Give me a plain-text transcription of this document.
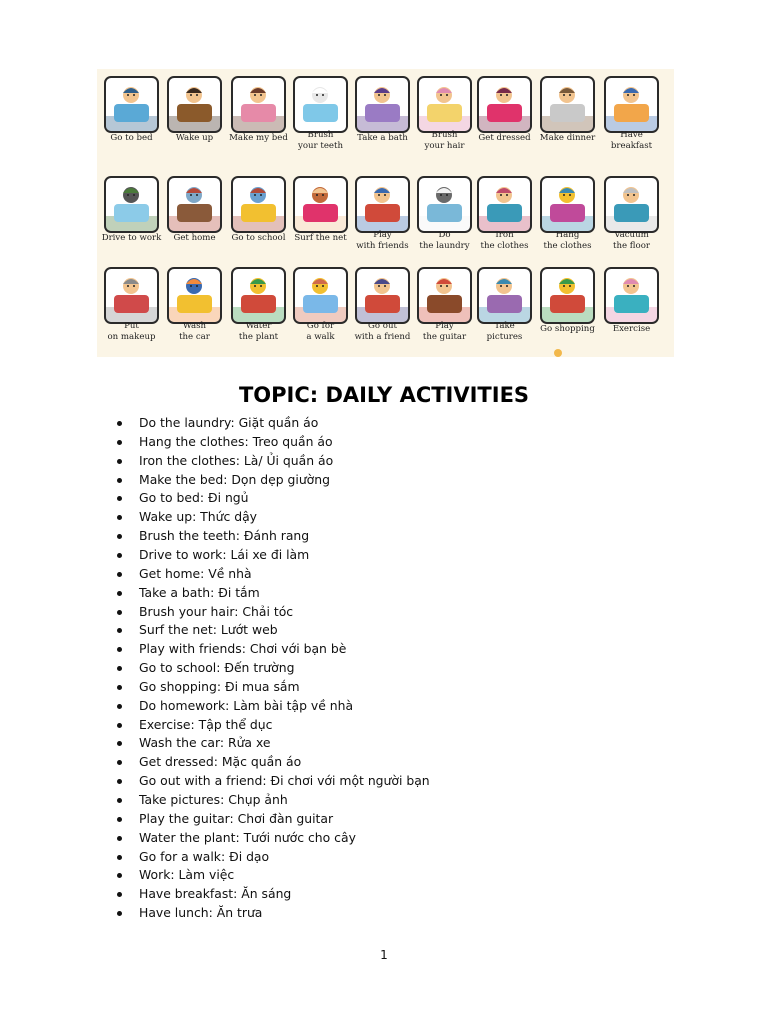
Go to bed	Wake up	Make my bed	Brush
your teeth
Take a bath	Brush
your hair
Get dressed	Make dinner	Have
breakfast
Drive to work	Get home	Go to school	Surf the net	Play
with friends
Do
the laundry
Iron
the clothes
Hang
the clothes
Vacuum
the floor
Put
on makeup
Wash
the car
Water
the plant
Go for
a walk
Go out
with a friend
Play
the guitar
Take
pictures
Go shopping	Exercise
TOPIC: DAILY ACTIVITIES
Do the laundry: Giặt quần áo
Hang the clothes: Treo quần áo
Iron the clothes: Là/ Ủi quần áo
Make the bed: Dọn dẹp giường
Go to bed: Đi ngủ
Wake up: Thức dậy
Brush the teeth: Đánh rang
Drive to work: Lái xe đi làm
Get home: Về nhà
Take a bath: Đi tắm
Brush your hair: Chải tóc
Surf the net: Lướt web
Play with friends: Chơi với bạn bè
Go to school: Đến trường
Go shopping: Đi mua sắm
Do homework: Làm bài tập về nhà
Exercise: Tập thể dục
Wash the car: Rửa xe
Get dressed: Mặc quần áo
Go out with a friend: Đi chơi với một người bạn
Take pictures: Chụp ảnh
Play the guitar: Chơi đàn guitar
Water the plant: Tưới nước cho cây
Go for a walk: Đi dạo
Work: Làm việc
Have breakfast: Ăn sáng
Have lunch: Ăn trưa
1
